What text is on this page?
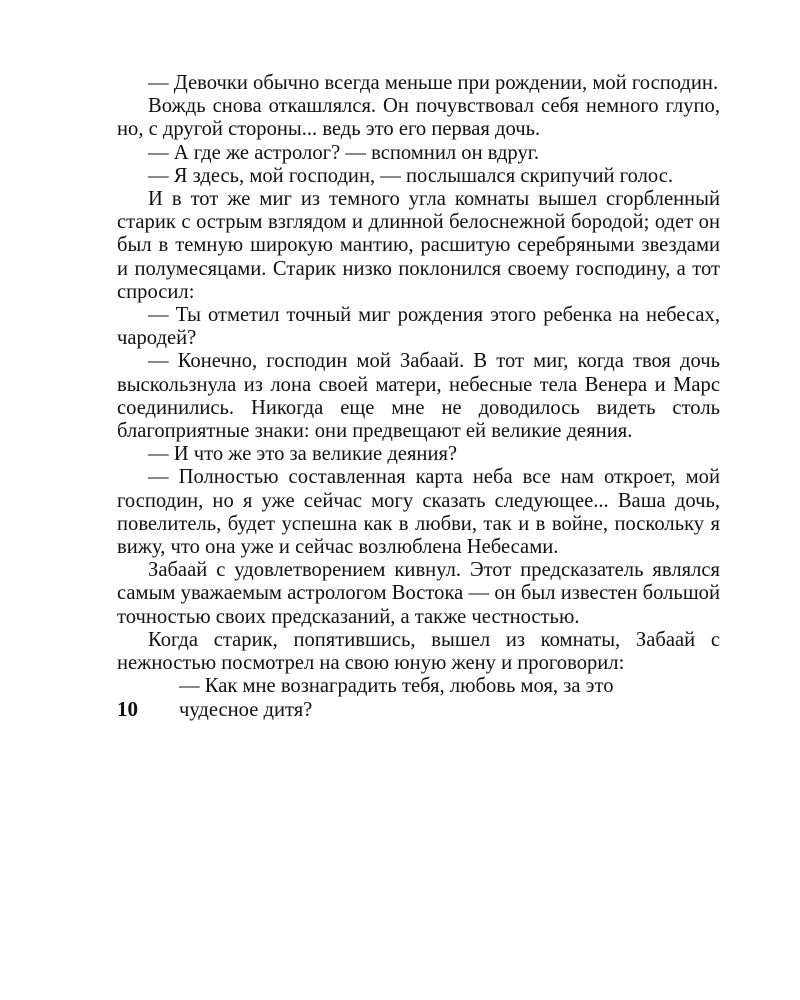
— Девочки обычно всегда меньше при рождении, мой господин.

Вождь снова откашлялся. Он почувствовал себя немного глупо, но, с другой стороны... ведь это его первая дочь.

— А где же астролог? — вспомнил он вдруг.

— Я здесь, мой господин, — послышался скрипучий голос.

И в тот же миг из темного угла комнаты вышел сгорбленный старик с острым взглядом и длинной белоснежной бородой; одет он был в темную широкую мантию, расшитую серебряными звездами и полумесяцами. Старик низко поклонился своему господину, а тот спросил:

— Ты отметил точный миг рождения этого ребенка на небесах, чародей?

— Конечно, господин мой Забаай. В тот миг, когда твоя дочь выскользнула из лона своей матери, небесные тела Венера и Марс соединились. Никогда еще мне не доводилось видеть столь благоприятные знаки: они предвещают ей великие деяния.

— И что же это за великие деяния?

— Полностью составленная карта неба все нам откроет, мой господин, но я уже сейчас могу сказать следующее... Ваша дочь, повелитель, будет успешна как в любви, так и в войне, поскольку я вижу, что она уже и сейчас возлюблена Небесами.

Забаай с удовлетворением кивнул. Этот предсказатель являлся самым уважаемым астрологом Востока — он был известен большой точностью своих предсказаний, а также честностью.

Когда старик, попятившись, вышел из комнаты, Забаай с нежностью посмотрел на свою юную жену и проговорил:

— Как мне вознаградить тебя, любовь моя, за это

10	чудесное дитя?
